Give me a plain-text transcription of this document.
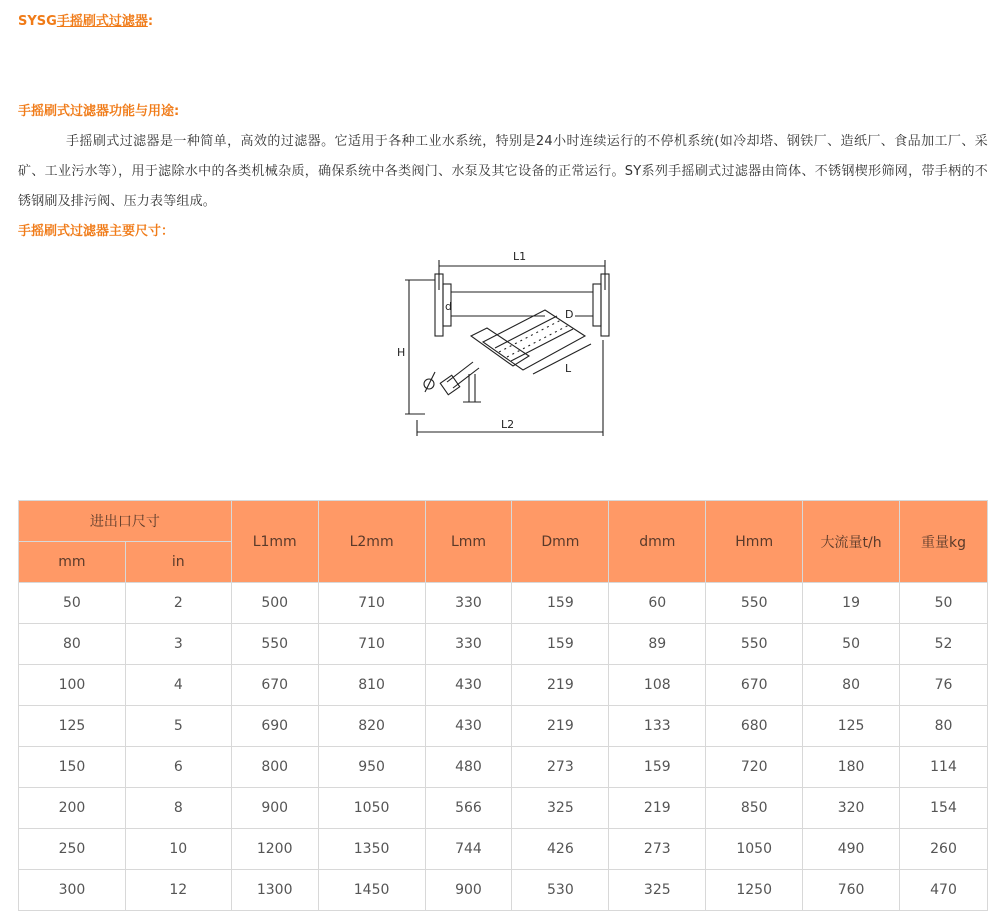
SYSG手摇刷式过滤器:
手摇刷式过滤器功能与用途:
手摇刷式过滤器是一种简单，高效的过滤器。它适用于各种工业水系统，特别是24小时连续运行的不停机系统(如冷却塔、钢铁厂、造纸厂、食品加工厂、采矿、工业污水等），用于滤除水中的各类机械杂质，确保系统中各类阀门、水泵及其它设备的正常运行。SY系列手摇刷式过滤器由筒体、不锈钢楔形筛网，带手柄的不锈钢刷及排污阀、压力表等组成。
手摇刷式过滤器主要尺寸：
L1
L2
L
H
D
d
进出口尺寸		L1mm	L2mm	Lmm	Dmm	dmm	Hmm	大流量t/h	重量kg
mm	in								
50	2	500	710	330	159	60	550	19	50
80	3	550	710	330	159	89	550	50	52
100	4	670	810	430	219	108	670	80	76
125	5	690	820	430	219	133	680	125	80
150	6	800	950	480	273	159	720	180	114
200	8	900	1050	566	325	219	850	320	154
250	10	1200	1350	744	426	273	1050	490	260
300	12	1300	1450	900	530	325	1250	760	470
